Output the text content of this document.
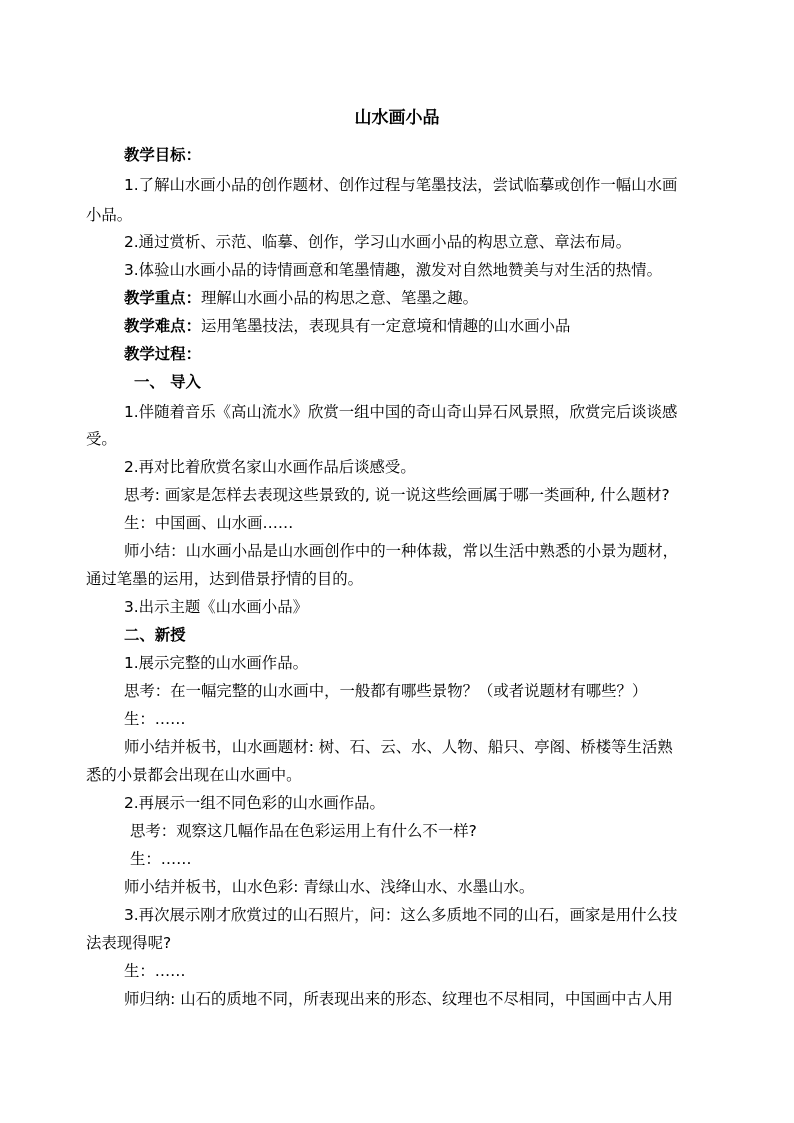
山水画小品
教学目标：
1.了解山水画小品的创作题材、创作过程与笔墨技法，尝试临摹或创作一幅山水画
小品。
2.通过赏析、示范、临摹、创作，学习山水画小品的构思立意、章法布局。
3.体验山水画小品的诗情画意和笔墨情趣，激发对自然地赞美与对生活的热情。
教学重点：理解山水画小品的构思之意、笔墨之趣。
教学难点：运用笔墨技法，表现具有一定意境和情趣的山水画小品
教学过程：
一、 导入
1.伴随着音乐《高山流水》欣赏一组中国的奇山奇山异石风景照，欣赏完后谈谈感
受。
2.再对比着欣赏名家山水画作品后谈感受。
思考: 画家是怎样去表现这些景致的, 说一说这些绘画属于哪一类画种, 什么题材?
生：中国画、山水画……
师小结：山水画小品是山水画创作中的一种体裁，常以生活中熟悉的小景为题材，
通过笔墨的运用，达到借景抒情的目的。
3.出示主题《山水画小品》
二、新授
1.展示完整的山水画作品。
思考：在一幅完整的山水画中，一般都有哪些景物？（或者说题材有哪些？）
生：……
师小结并板书，山水画题材: 树、石、云、水、人物、船只、亭阁、桥楼等生活熟
悉的小景都会出现在山水画中。
2.再展示一组不同色彩的山水画作品。
思考：观察这几幅作品在色彩运用上有什么不一样?
生：……
师小结并板书，山水色彩: 青绿山水、浅绛山水、水墨山水。
3.再次展示刚才欣赏过的山石照片，问：这么多质地不同的山石，画家是用什么技
法表现得呢?
生：……
师归纳: 山石的质地不同，所表现出来的形态、纹理也不尽相同，中国画中古人用
